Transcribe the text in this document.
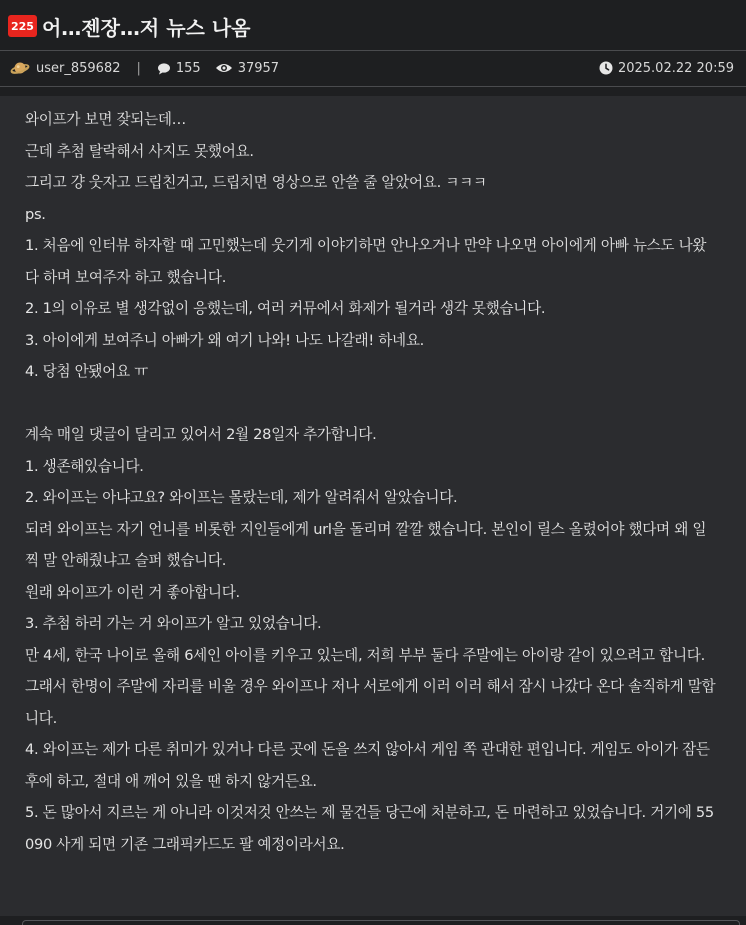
225 어…젠장…저 뉴스 나옴
user_859682 |	155	37957	2025.02.22 20:59
와이프가 보면 잦되는데…
근데 추첨 탈락해서 사지도 못했어요.
그리고 걍 웃자고 드립친거고, 드립치면 영상으로 안쓸 줄 알았어요. ㅋㅋㅋ
ps.
1. 처음에 인터뷰 하자할 때 고민했는데 웃기게 이야기하면 안나오거나 만약 나오면 아이에게 아빠 뉴스도 나왔
다 하며 보여주자 하고 했습니다.
2. 1의 이유로 별 생각없이 응했는데, 여러 커뮤에서 화제가 될거라 생각 못했습니다.
3. 아이에게 보여주니 아빠가 왜 여기 나와! 나도 나갈래! 하네요.
4. 당첨 안됐어요 ㅠ
계속 매일 댓글이 달리고 있어서 2월 28일자 추가합니다.
1. 생존해있습니다.
2. 와이프는 아냐고요? 와이프는 몰랐는데, 제가 알려줘서 알았습니다.
되려 와이프는 자기 언니를 비롯한 지인들에게 url을 돌리며 깔깔 했습니다. 본인이 릴스 올렸어야 했다며 왜 일
찍 말 안해줬냐고 슬퍼 했습니다.
원래 와이프가 이런 거 좋아합니다.
3. 추첨 하러 가는 거 와이프가 알고 있었습니다.
만 4세, 한국 나이로 올해 6세인 아이를 키우고 있는데, 저희 부부 둘다 주말에는 아이랑 같이 있으려고 합니다.
그래서 한명이 주말에 자리를 비울 경우 와이프나 저나 서로에게 이러 이러 해서 잠시 나갔다 온다 솔직하게 말합
니다.
4. 와이프는 제가 다른 취미가 있거나 다른 곳에 돈을 쓰지 않아서 게임 쪽 관대한 편입니다. 게임도 아이가 잠든
후에 하고, 절대 애 깨어 있을 땐 하지 않거든요.
5. 돈 많아서 지르는 게 아니라 이것저것 안쓰는 제 물건들 당근에 처분하고, 돈 마련하고 있었습니다. 거기에 55
090 사게 되면 기존 그래픽카드도 팔 예정이라서요.
